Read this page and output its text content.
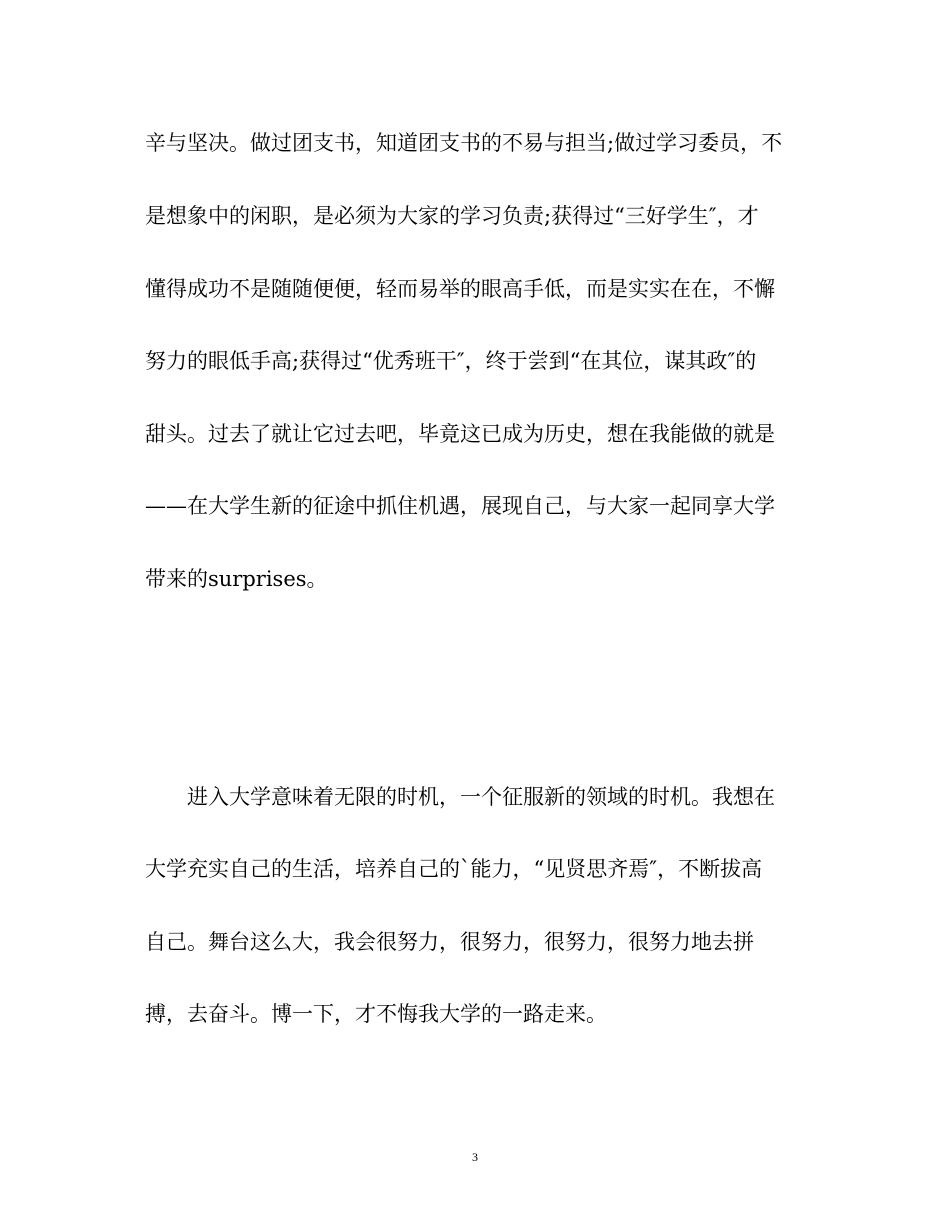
辛与坚决。做过团支书，知道团支书的不易与担当;做过学习委员，不
是想象中的闲职，是必须为大家的学习负责;获得过“三好学生″，才
懂得成功不是随随便便，轻而易举的眼高手低，而是实实在在，不懈
努力的眼低手高;获得过“优秀班干″，终于尝到“在其位，谋其政″的
甜头。过去了就让它过去吧，毕竟这已成为历史，想在我能做的就是
——在大学生新的征途中抓住机遇，展现自己，与大家一起同享大学
带来的surprises。
进入大学意味着无限的时机，一个征服新的领域的时机。我想在
大学充实自己的生活，培养自己的`能力，“见贤思齐焉″，不断拔高
自己。舞台这么大，我会很努力，很努力，很努力，很努力地去拼
搏，去奋斗。博一下，才不悔我大学的一路走来。
3
